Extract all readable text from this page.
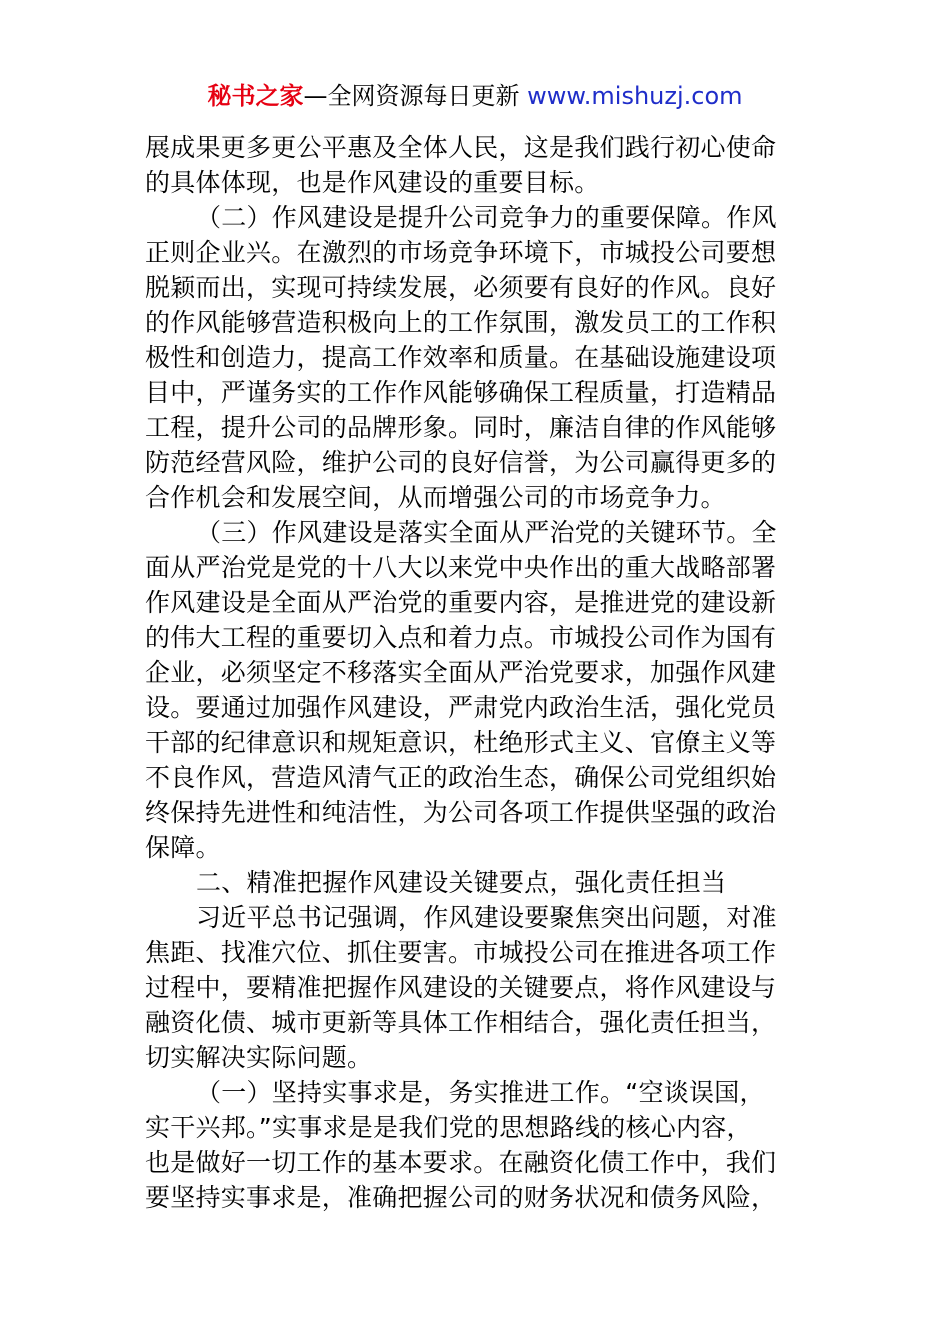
秘书之家—全网资源每日更新 www.mishuzj.com
展成果更多更公平惠及全体人民，这是我们践行初心使命
的具体体现，也是作风建设的重要目标。
（二）作风建设是提升公司竞争力的重要保障。作风
正则企业兴。在激烈的市场竞争环境下，市城投公司要想
脱颖而出，实现可持续发展，必须要有良好的作风。良好
的作风能够营造积极向上的工作氛围，激发员工的工作积
极性和创造力，提高工作效率和质量。在基础设施建设项
目中，严谨务实的工作作风能够确保工程质量，打造精品
工程，提升公司的品牌形象。同时，廉洁自律的作风能够
防范经营风险，维护公司的良好信誉，为公司赢得更多的
合作机会和发展空间，从而增强公司的市场竞争力。
（三）作风建设是落实全面从严治党的关键环节。全
面从严治党是党的十八大以来党中央作出的重大战略部署
作风建设是全面从严治党的重要内容，是推进党的建设新
的伟大工程的重要切入点和着力点。市城投公司作为国有
企业，必须坚定不移落实全面从严治党要求，加强作风建
设。要通过加强作风建设，严肃党内政治生活，强化党员
干部的纪律意识和规矩意识，杜绝形式主义、官僚主义等
不良作风，营造风清气正的政治生态，确保公司党组织始
终保持先进性和纯洁性，为公司各项工作提供坚强的政治
保障。
二、精准把握作风建设关键要点，强化责任担当
习近平总书记强调，作风建设要聚焦突出问题，对准
焦距、找准穴位、抓住要害。市城投公司在推进各项工作
过程中，要精准把握作风建设的关键要点，将作风建设与
融资化债、城市更新等具体工作相结合，强化责任担当，
切实解决实际问题。
（一）坚持实事求是，务实推进工作。“空谈误国，
实干兴邦。”实事求是是我们党的思想路线的核心内容，
也是做好一切工作的基本要求。在融资化债工作中，我们
要坚持实事求是，准确把握公司的财务状况和债务风险，
